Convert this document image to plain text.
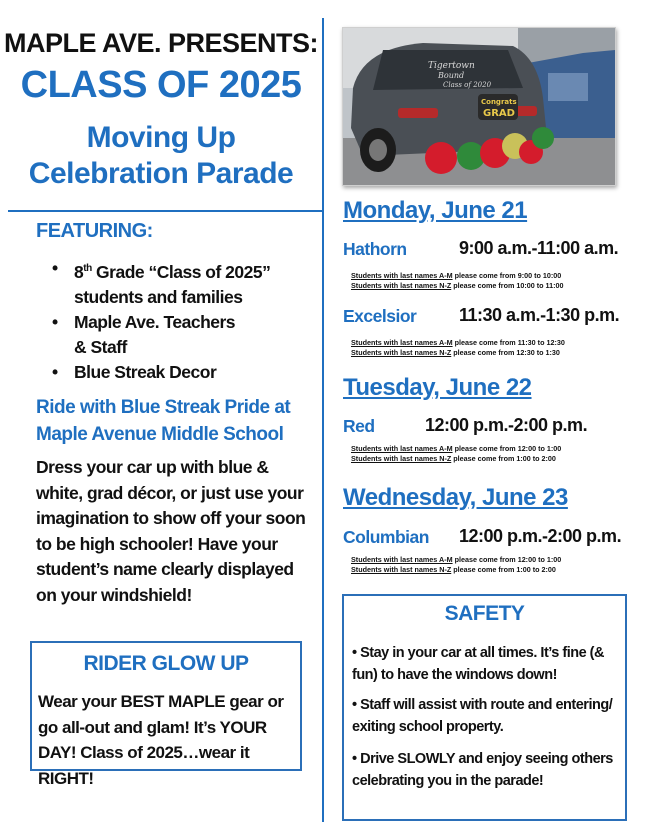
MAPLE AVE. PRESENTS:
CLASS OF 2025
Moving Up
Celebration Parade
FEATURING:
• 8th Grade “Class of 2025” students and families
• Maple Ave. Teachers & Staff
• Blue Streak Decor
Ride with Blue Streak Pride at Maple Avenue Middle School
Dress your car up with blue & white, grad décor, or just use your imagination to show off your soon to be high schooler! Have your student’s name clearly displayed on your windshield!
RIDER GLOW UP
Wear your BEST MAPLE gear or go all-out and glam! It’s YOUR DAY! Class of 2025…wear it RIGHT!
Tigertown
Bound
Class of 2020
Congrats
GRAD
Monday, June 21
Hathorn	9:00 a.m.-11:00 a.m.
Students with last names A-M please come from 9:00 to 10:00
Students with last names N-Z please come from 10:00 to 11:00
Excelsior 11:30 a.m.-1:30 p.m.
Students with last names A-M please come from 11:30 to 12:30
Students with last names N-Z please come from 12:30 to 1:30
Tuesday, June 22
Red	12:00 p.m.-2:00 p.m.
Students with last names A-M please come from 12:00 to 1:00
Students with last names N-Z please come from 1:00 to 2:00
Wednesday, June 23
Columbian 12:00 p.m.-2:00 p.m.
Students with last names A-M please come from 12:00 to 1:00
Students with last names N-Z please come from 1:00 to 2:00
SAFETY
• Stay in your car at all times. It’s fine (& fun) to have the windows down!
• Staff will assist with route and entering/ exiting school property.
• Drive SLOWLY and enjoy seeing others celebrating you in the parade!
